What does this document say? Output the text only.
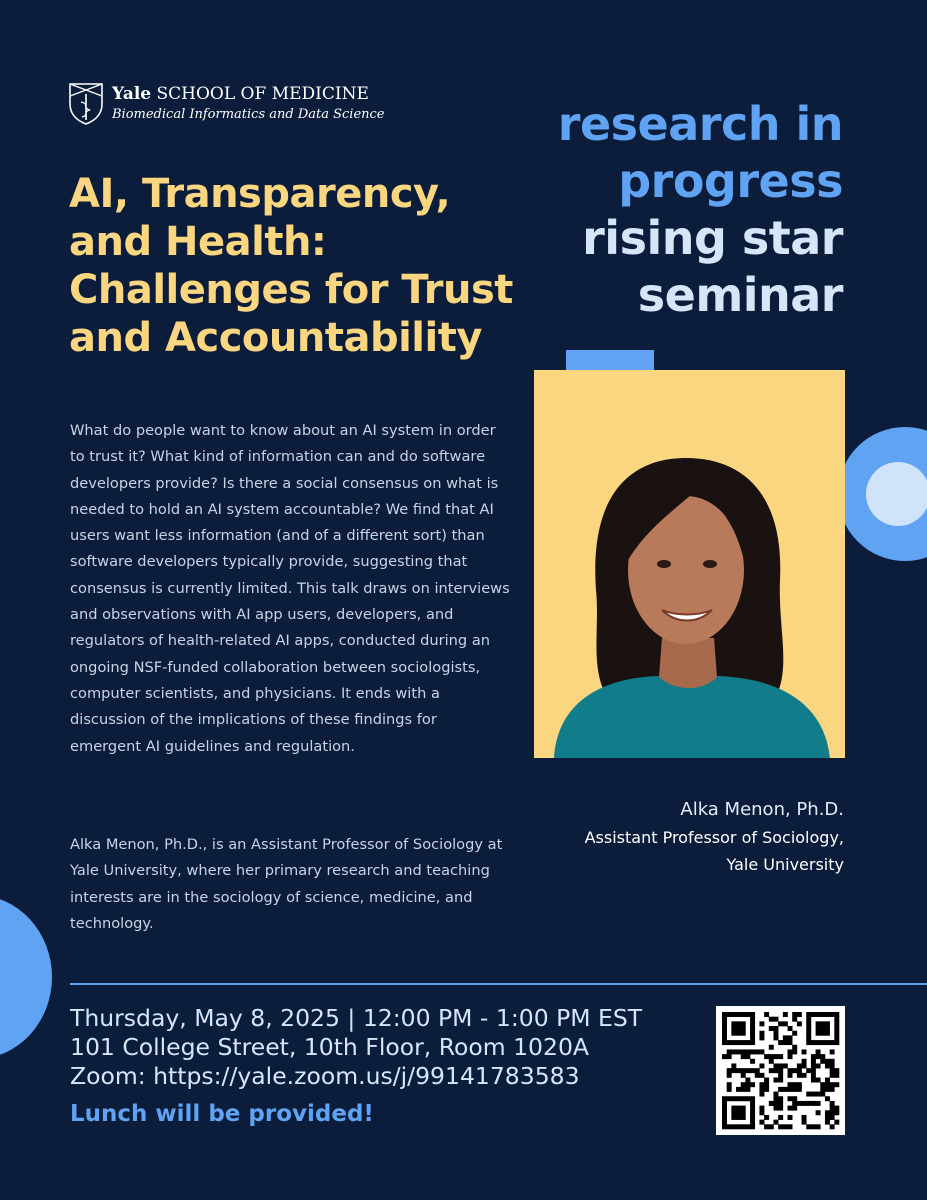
Yale SCHOOL OF MEDICINE
Biomedical Informatics and Data Science	research in
progress
rising star
seminar
AI, Transparency, and Health: Challenges for Trust and Accountability

What do people want to know about an AI system in order to trust it? What kind of information can and do software developers provide? Is there a social consensus on what is needed to hold an AI system accountable? We find that AI users want less information (and of a different sort) than software developers typically provide, suggesting that consensus is currently limited. This talk draws on interviews and observations with AI app users, developers, and regulators of health-related AI apps, conducted during an ongoing NSF-funded collaboration between sociologists, computer scientists, and physicians. It ends with a discussion of the implications of these findings for emergent AI guidelines and regulation.

Alka Menon, Ph.D., is an Assistant Professor of Sociology at Yale University, where her primary research and teaching interests are in the sociology of science, medicine, and technology.

Alka Menon, Ph.D.
Assistant Professor of Sociology,
Yale University
Thursday, May 8, 2025 | 12:00 PM - 1:00 PM EST
101 College Street, 10th Floor, Room 1020A
Zoom: https://yale.zoom.us/j/99141783583
Lunch will be provided!
